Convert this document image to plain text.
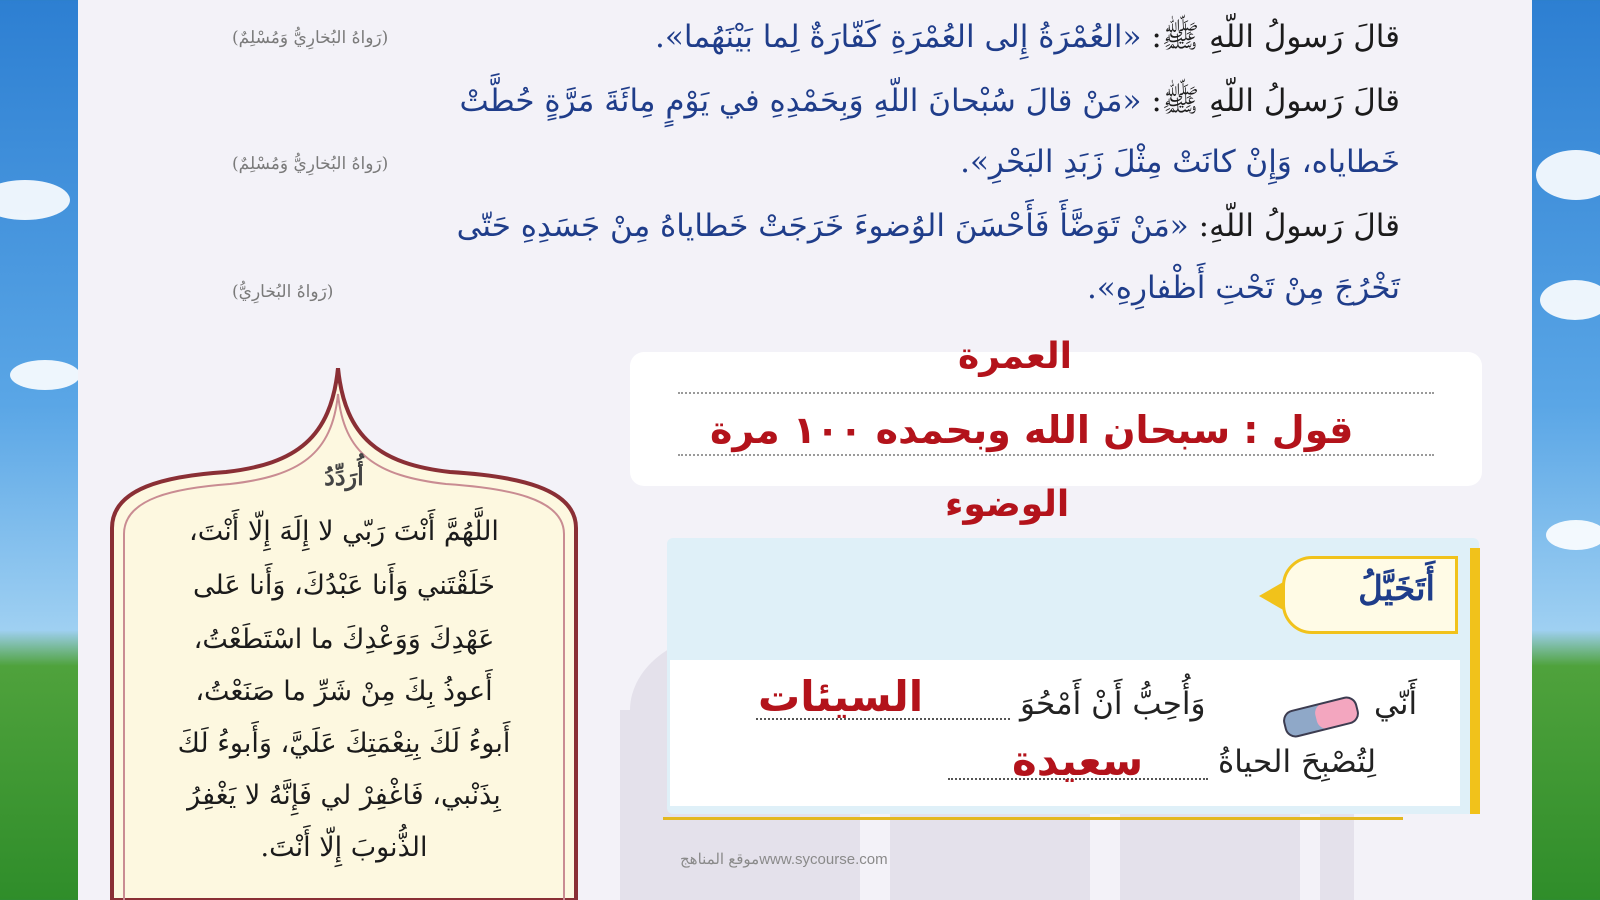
قالَ رَسولُ اللّهِ ﷺ: «العُمْرَةُ إِلى العُمْرَةِ كَفّارَةٌ لِما بَيْنَهُما».
(رَواهُ البُخارِيُّ وَمُسْلِمٌ)
قالَ رَسولُ اللّهِ ﷺ: «مَنْ قالَ سُبْحانَ اللّهِ وَبِحَمْدِهِ في يَوْمٍ مِائَةَ مَرَّةٍ حُطَّتْ
خَطاياه، وَإِنْ كانَتْ مِثْلَ زَبَدِ البَحْرِ».
(رَواهُ البُخارِيُّ وَمُسْلِمٌ)
قالَ رَسولُ اللّهِ: «مَنْ تَوَضَّأَ فَأَحْسَنَ الوُضوءَ خَرَجَتْ خَطاياهُ مِنْ جَسَدِهِ حَتّى
تَخْرُجَ مِنْ تَحْتِ أَظْفارِهِ».
(رَواهُ البُخارِيُّ)
العمرة
قول : سبحان الله وبحمده ١٠٠ مرة
الوضوء
أَتَخَيَّلُ
أَنّي
وَأُحِبُّ أَنْ أَمْحُوَ
السيئات
لِتُصْبِحَ الحياةُ
سعيدة
أُرَدِّدُ
اللَّهُمَّ أَنْتَ رَبّي لا إِلَهَ إِلّا أَنْتَ،
خَلَقْتَني وَأَنا عَبْدُكَ، وَأَنا عَلى
عَهْدِكَ وَوَعْدِكَ ما اسْتَطَعْتُ،
أَعوذُ بِكَ مِنْ شَرِّ ما صَنَعْتُ،
أَبوءُ لَكَ بِنِعْمَتِكَ عَلَيَّ، وَأَبوءُ لَكَ
بِذَنْبي، فَاغْفِرْ لي فَإِنَّهُ لا يَغْفِرُ
الذُّنوبَ إِلّا أَنْتَ.	موقع المناهجwww.sycourse.com
